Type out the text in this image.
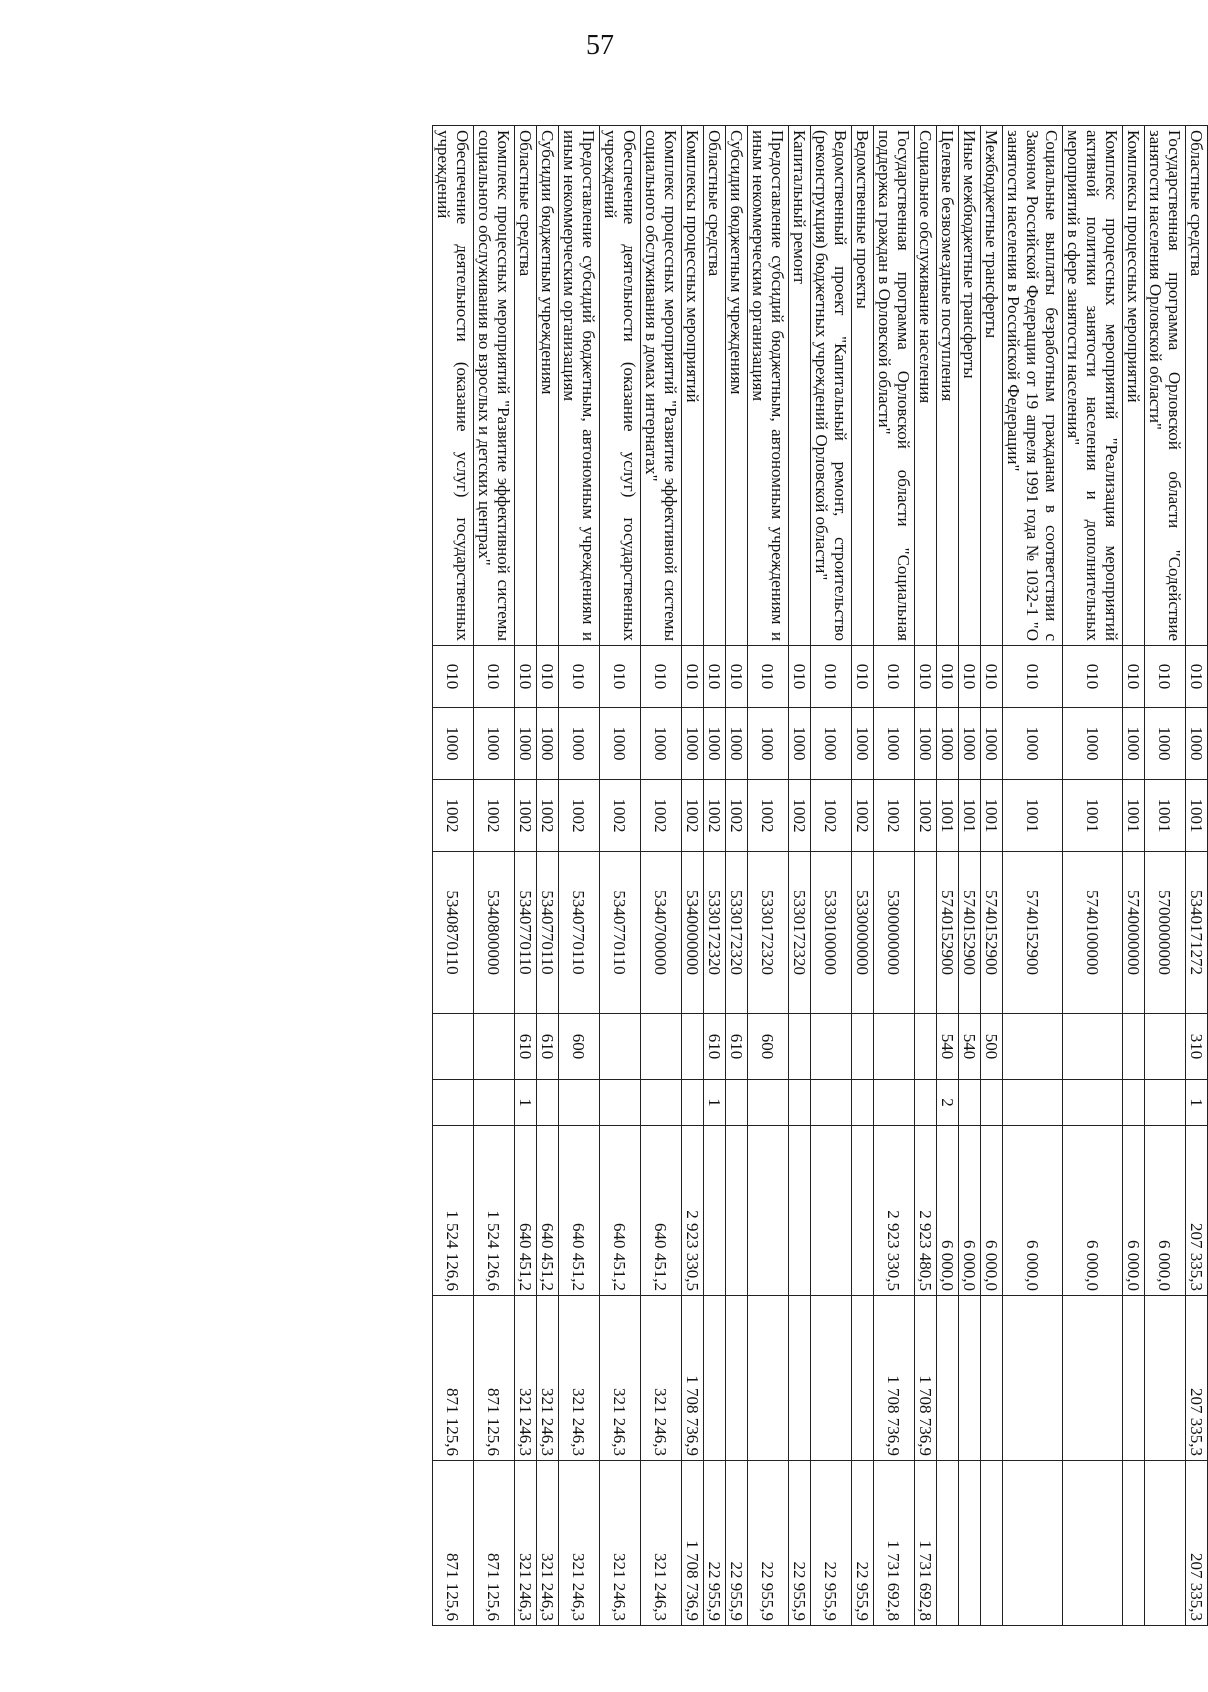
57
Областные средства	010	1000	1001	5340171272	310	1	207 335,3	207 335,3	207 335,3
Государственная программа Орловской области "Содействие занятости населения Орловской области"	010	1000	1001	5700000000			6 000,0		
Комплексы процессных мероприятий	010	1000	1001	5740000000			6 000,0		
Комплекс процессных мероприятий "Реализация мероприятий активной политики занятости населения и дополнительных мероприятий в сфере занятости населения"	010	1000	1001	5740100000			6 000,0		
Социальные выплаты безработным гражданам в соответствии с Законом Российской Федерации от 19 апреля 1991 года № 1032-1 "О занятости населения в Российской Федерации"	010	1000	1001	5740152900			6 000,0		
Межбюджетные трансферты	010	1000	1001	5740152900	500		6 000,0		
Иные межбюджетные трансферты	010	1000	1001	5740152900	540		6 000,0		
Целевые безвозмездные поступления	010	1000	1001	5740152900	540	2	6 000,0		
Социальное обслуживание населения	010	1000	1002				2 923 480,5	1 708 736,9	1 731 692,8
Государственная программа Орловской области "Социальная поддержка граждан в Орловской области"	010	1000	1002	5300000000			2 923 330,5	1 708 736,9	1 731 692,8
Ведомственные проекты	010	1000	1002	5330000000					22 955,9
Ведомственный проект "Капитальный ремонт, строительство (реконструкция) бюджетных учреждений Орловской области"	010	1000	1002	5330100000					22 955,9
Капитальный ремонт	010	1000	1002	5330172320					22 955,9
Предоставление субсидий бюджетным, автономным учреждениям и иным некоммерческим организациям	010	1000	1002	5330172320	600				22 955,9
Субсидии бюджетным учреждениям	010	1000	1002	5330172320	610				22 955,9
Областные средства	010	1000	1002	5330172320	610	1			22 955,9
Комплексы процессных мероприятий	010	1000	1002	5340000000			2 923 330,5	1 708 736,9	1 708 736,9
Комплекс процессных мероприятий "Развитие эффективной системы социального обслуживания в домах интернатах"	010	1000	1002	5340700000			640 451,2	321 246,3	321 246,3
Обеспечение деятельности (оказание услуг) государственных учреждений	010	1000	1002	5340770110			640 451,2	321 246,3	321 246,3
Предоставление субсидий бюджетным, автономным учреждениям и иным некоммерческим организациям	010	1000	1002	5340770110	600		640 451,2	321 246,3	321 246,3
Субсидии бюджетным учреждениям	010	1000	1002	5340770110	610		640 451,2	321 246,3	321 246,3
Областные средства	010	1000	1002	5340770110	610	1	640 451,2	321 246,3	321 246,3
Комплекс процессных мероприятий "Развитие эффективной системы социального обслуживания во взрослых и детских центрах"	010	1000	1002	5340800000			1 524 126,6	871 125,6	871 125,6
Обеспечение деятельности (оказание услуг) государственных учреждений	010	1000	1002	5340870110			1 524 126,6	871 125,6	871 125,6
